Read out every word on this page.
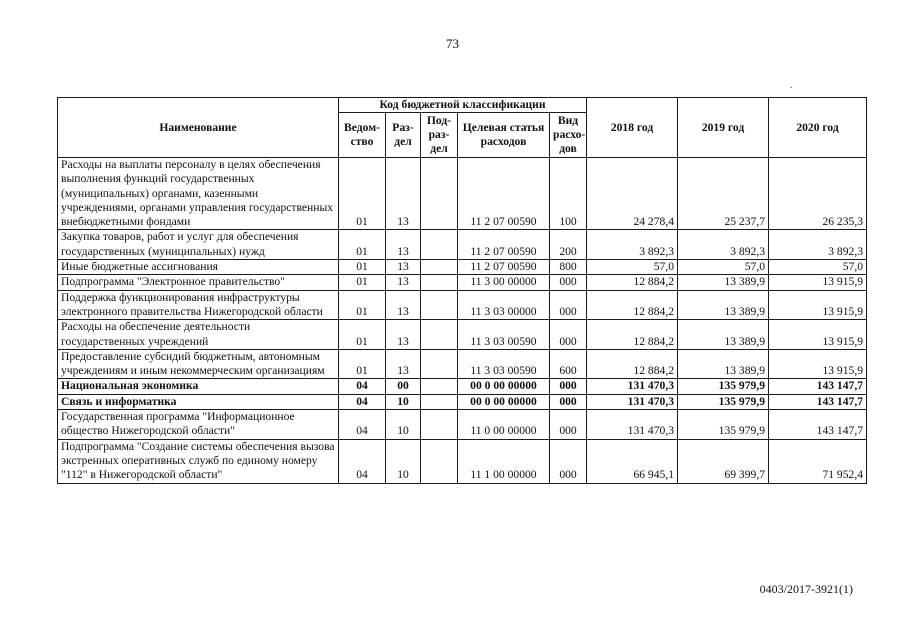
73
.
Наименование	Код бюджетной классификации					2018 год	2019 год	2020 год
	Ведом-ство	Раз-дел	Под-раз-дел	Целевая статья расходов	Вид расхо-дов			
Расходы на выплаты персоналу в целях обеспечения выполнения функций государственных (муниципальных) органами, казенными учреждениями, органами управления государственных внебюджетными фондами	01	13		11 2 07 00590	100	24 278,4	25 237,7	26 235,3
Закупка товаров, работ и услуг для обеспечения государственных (муниципальных) нужд	01	13		11 2 07 00590	200	3 892,3	3 892,3	3 892,3
Иные бюджетные ассигнования	01	13		11 2 07 00590	800	57,0	57,0	57,0
Подпрограмма "Электронное правительство"	01	13		11 3 00 00000	000	12 884,2	13 389,9	13 915,9
Поддержка функционирования инфраструктуры электронного правительства Нижегородской области	01	13		11 3 03 00000	000	12 884,2	13 389,9	13 915,9
Расходы на обеспечение деятельности государственных учреждений	01	13		11 3 03 00590	000	12 884,2	13 389,9	13 915,9
Предоставление субсидий бюджетным, автономным учреждениям и иным некоммерческим организациям	01	13		11 3 03 00590	600	12 884,2	13 389,9	13 915,9
Национальная экономика	04	00		00 0 00 00000	000	131 470,3	135 979,9	143 147,7
Связь и информатика	04	10		00 0 00 00000	000	131 470,3	135 979,9	143 147,7
Государственная программа "Информационное общество Нижегородской области"	04	10		11 0 00 00000	000	131 470,3	135 979,9	143 147,7
Подпрограмма "Создание системы обеспечения вызова экстренных оперативных служб по единому номеру "112" в Нижегородской области"	04	10		11 1 00 00000	000	66 945,1	69 399,7	71 952,4
0403/2017-3921(1)
